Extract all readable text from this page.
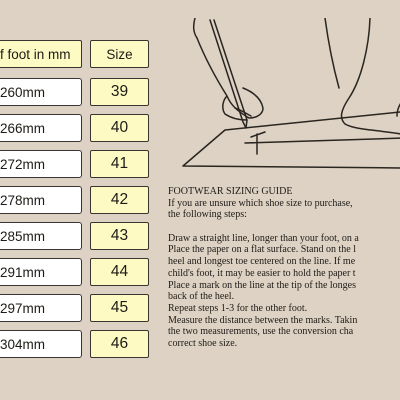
f foot in mm	Size
260mm	39
266mm	40
272mm	41
278mm	42
285mm	43
291mm	44
297mm	45
304mm	46
FOOTWEAR SIZING GUIDE
If you are unsure which shoe size to purchase,
the following steps:
Draw a straight line, longer than your foot, on a
Place the paper on a flat surface. Stand on the l
heel and longest toe centered on the line. If me
child's foot, it may be easier to hold the paper t
Place a mark on the line at the tip of the longes
back of the heel.
Repeat steps 1-3 for the other foot.
Measure the distance between the marks. Takin
the two measurements, use the conversion cha
correct shoe size.
